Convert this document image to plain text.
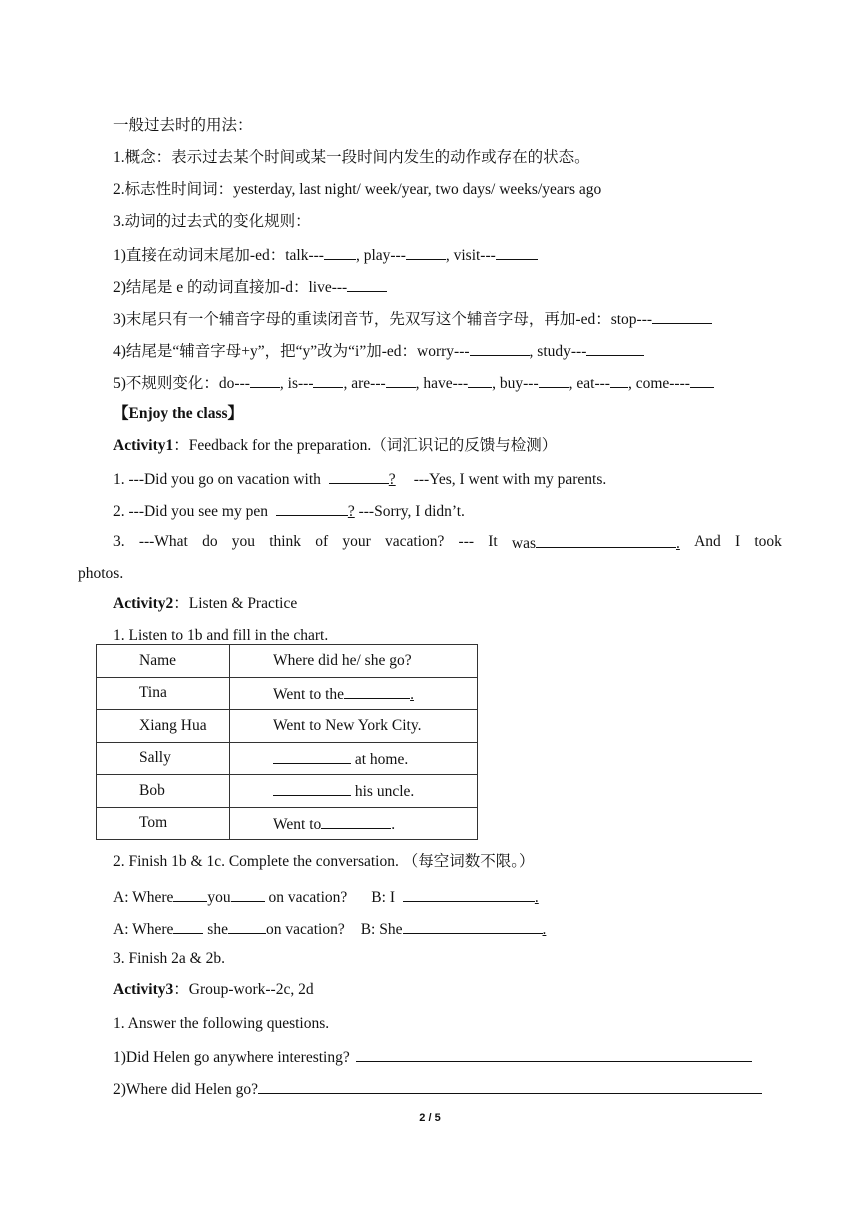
一般过去时的用法：
1.概念：表示过去某个时间或某一段时间内发生的动作或存在的状态。
2.标志性时间词：yesterday, last night/ week/year, two days/ weeks/years ago
3.动词的过去式的变化规则：
1)直接在动词末尾加-ed：talk--- , play---	, visit---
2)结尾是 e 的动词直接加-d：live---
3)末尾只有一个辅音字母的重读闭音节，先双写这个辅音字母，再加-ed：stop---
4)结尾是“辅音字母+y”，把“y”改为“i”加-ed：worry---	, study---
5)不规则变化：do--- , is--- , are--- , have--- , buy--- , eat--- , come----
【Enjoy the class】
Activity1：Feedback for the preparation.（词汇识记的反馈与检测）
1. ---Did you go on vacation with	? ---Yes, I went with my parents.
2. ---Did you see my pen	? ---Sorry, I didn’t.
3. ---What do you think of your vacation? --- It was	. And I took
photos.
Activity2：Listen & Practice
1. Listen to 1b and fill in the chart.
Name	Where did he/ she go?
Tina	Went to the .
Xiang Hua	Went to New York City.
Sally	at home.
Bob	his uncle.
Tom	Went to .
2. Finish 1b & 1c. Complete the conversation. （每空词数不限。）
A: Where you on vacation? B: I	.
A: Where she on vacation? B: She	.
3. Finish 2a & 2b.
Activity3：Group-work--2c, 2d
1. Answer the following questions.
1)Did Helen go anywhere interesting?
2)Where did Helen go?
2 / 5
